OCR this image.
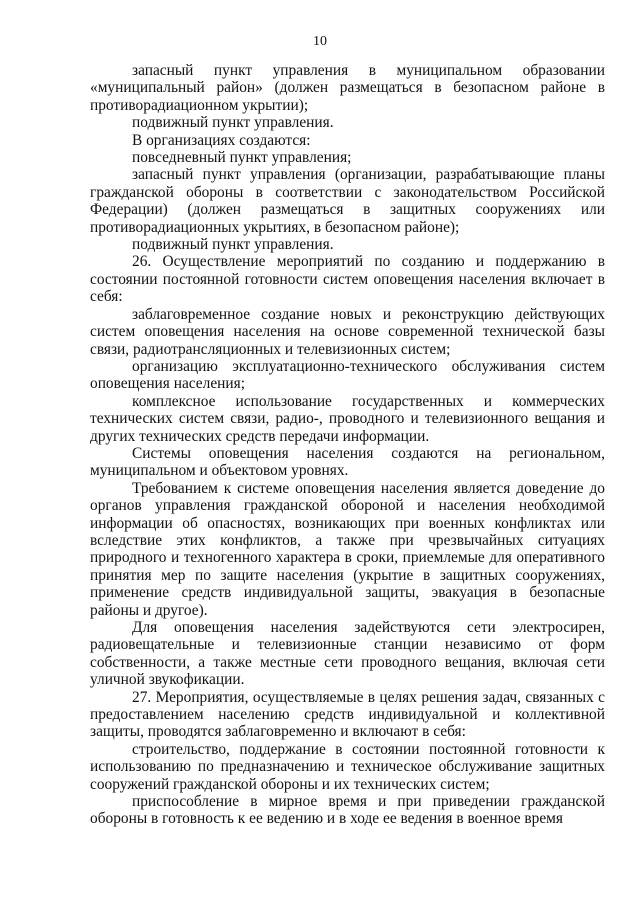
10

запасный пункт управления в муниципальном образовании «муниципальный район» (должен размещаться в безопасном районе в противорадиационном укрытии);

подвижный пункт управления.

В организациях создаются:

повседневный пункт управления;

запасный пункт управления (организации, разрабатывающие планы гражданской обороны в соответствии с законодательством Российской Федерации) (должен размещаться в защитных сооружениях или противорадиационных укрытиях, в безопасном районе);

подвижный пункт управления.

26. Осуществление мероприятий по созданию и поддержанию в состоянии постоянной готовности систем оповещения населения включает в себя:

заблаговременное создание новых и реконструкцию действующих систем оповещения населения на основе современной технической базы связи, радиотрансляционных и телевизионных систем;

организацию эксплуатационно-технического обслуживания систем оповещения населения;

комплексное использование государственных и коммерческих технических систем связи, радио-, проводного и телевизионного вещания и других технических средств передачи информации.

Системы оповещения населения создаются на региональном, муниципальном и объектовом уровнях.

Требованием к системе оповещения населения является доведение до органов управления гражданской обороной и населения необходимой информации об опасностях, возникающих при военных конфликтах или вследствие этих конфликтов, а также при чрезвычайных ситуациях природного и техногенного характера в сроки, приемлемые для оперативного принятия мер по защите населения (укрытие в защитных сооружениях, применение средств индивидуальной защиты, эвакуация в безопасные районы и другое).

Для оповещения населения задействуются сети электросирен, радиовещательные и телевизионные станции независимо от форм собственности, а также местные сети проводного вещания, включая сети уличной звукофикации.

27. Мероприятия, осуществляемые в целях решения задач, связанных с предоставлением населению средств индивидуальной и коллективной защиты, проводятся заблаговременно и включают в себя:

строительство, поддержание в состоянии постоянной готовности к использованию по предназначению и техническое обслуживание защитных сооружений гражданской обороны и их технических систем;

приспособление в мирное время и при приведении гражданской обороны в готовность к ее ведению и в ходе ее ведения в военное время
